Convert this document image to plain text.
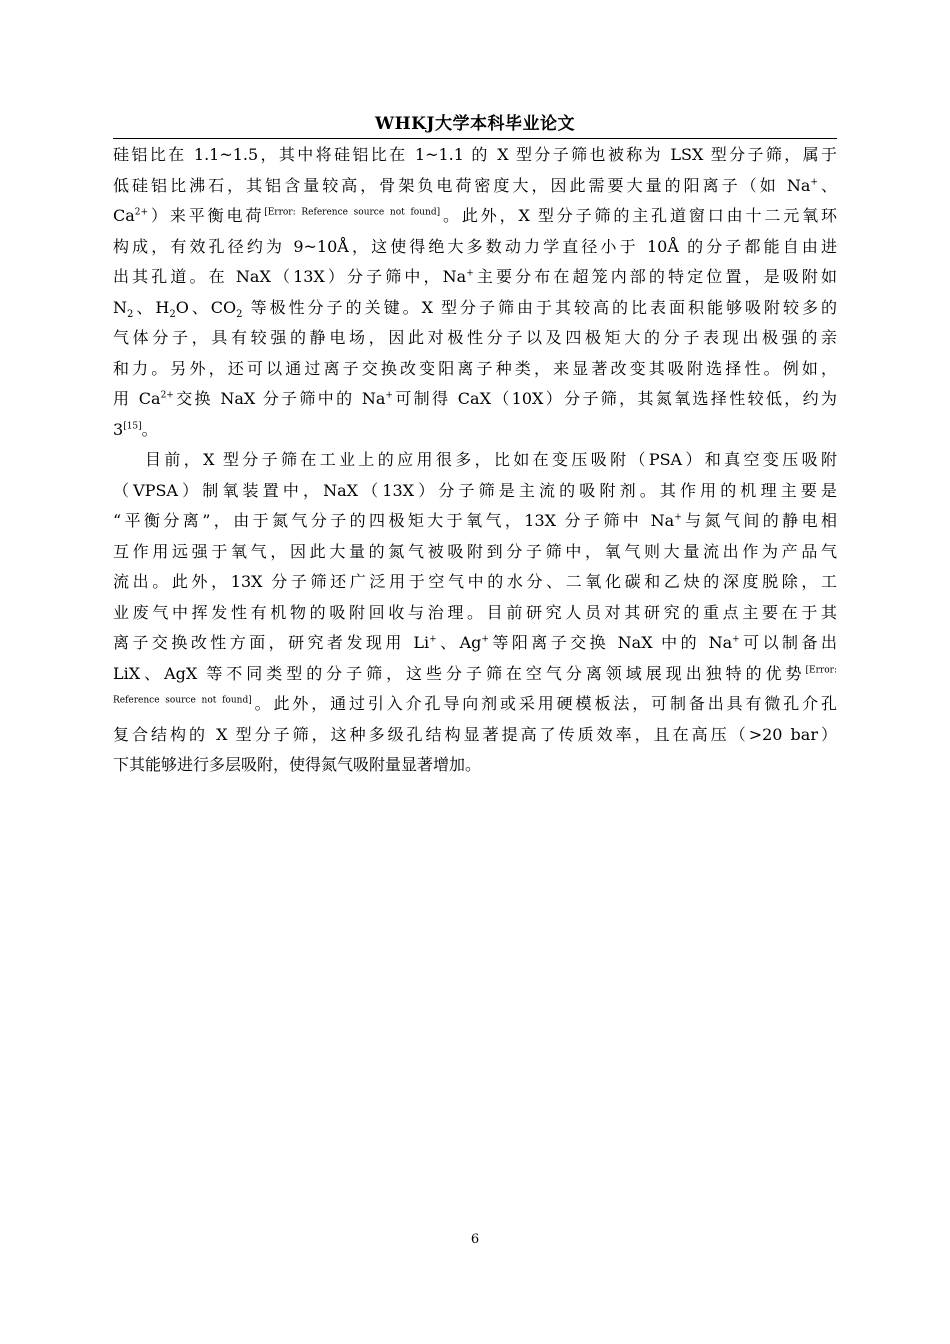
WHKJ大学本科毕业论文
硅铝比在 1.1~1.5，其中将硅铝比在 1~1.1 的 X 型分子筛也被称为 LSX 型分子筛，属于
低硅铝比沸石，其铝含量较高，骨架负电荷密度大，因此需要大量的阳离子（如 Na+、
$Ca^{2+}$）来平衡电荷[Error: Reference source not found]。此外，X 型分子筛的主孔道窗口由十二元氧环
构成，有效孔径约为 9~10Å，这使得绝大多数动力学直径小于 10Å 的分子都能自由进
出其孔道。在 NaX（13X）分子筛中，Na+主要分布在超笼内部的特定位置，是吸附如
$N_2$、$H_2O$、$CO_2$ 等极性分子的关键。X 型分子筛由于其较高的比表面积能够吸附较多的
气体分子，具有较强的静电场，因此对极性分子以及四极矩大的分子表现出极强的亲
和力。另外，还可以通过离子交换改变阳离子种类，来显著改变其吸附选择性。例如，
用 $Ca^{2+}$交换 NaX 分子筛中的 Na+可制得 CaX（10X）分子筛，其氮氧选择性较低，约为
3[15]。
目前，X 型分子筛在工业上的应用很多，比如在变压吸附（PSA）和真空变压吸附
（VPSA）制氧装置中，NaX（13X）分子筛是主流的吸附剂。其作用的机理主要是
“平衡分离”，由于氮气分子的四极矩大于氧气，13X 分子筛中 Na+与氮气间的静电相
互作用远强于氧气，因此大量的氮气被吸附到分子筛中，氧气则大量流出作为产品气
流出。此外，13X 分子筛还广泛用于空气中的水分、二氧化碳和乙炔的深度脱除，工
业废气中挥发性有机物的吸附回收与治理。目前研究人员对其研究的重点主要在于其
离子交换改性方面，研究者发现用 Li+、Ag+等阳离子交换 NaX 中的 Na+可以制备出
LiX、AgX 等不同类型的分子筛，这些分子筛在空气分离领域展现出独特的优势$^{[Error:}$
$^{Reference source not found]}$。此外，通过引入介孔导向剂或采用硬模板法，可制备出具有微孔介孔
复合结构的 X 型分子筛，这种多级孔结构显著提高了传质效率，且在高压（>20 bar）
下其能够进行多层吸附，使得氮气吸附量显著增加。
6
